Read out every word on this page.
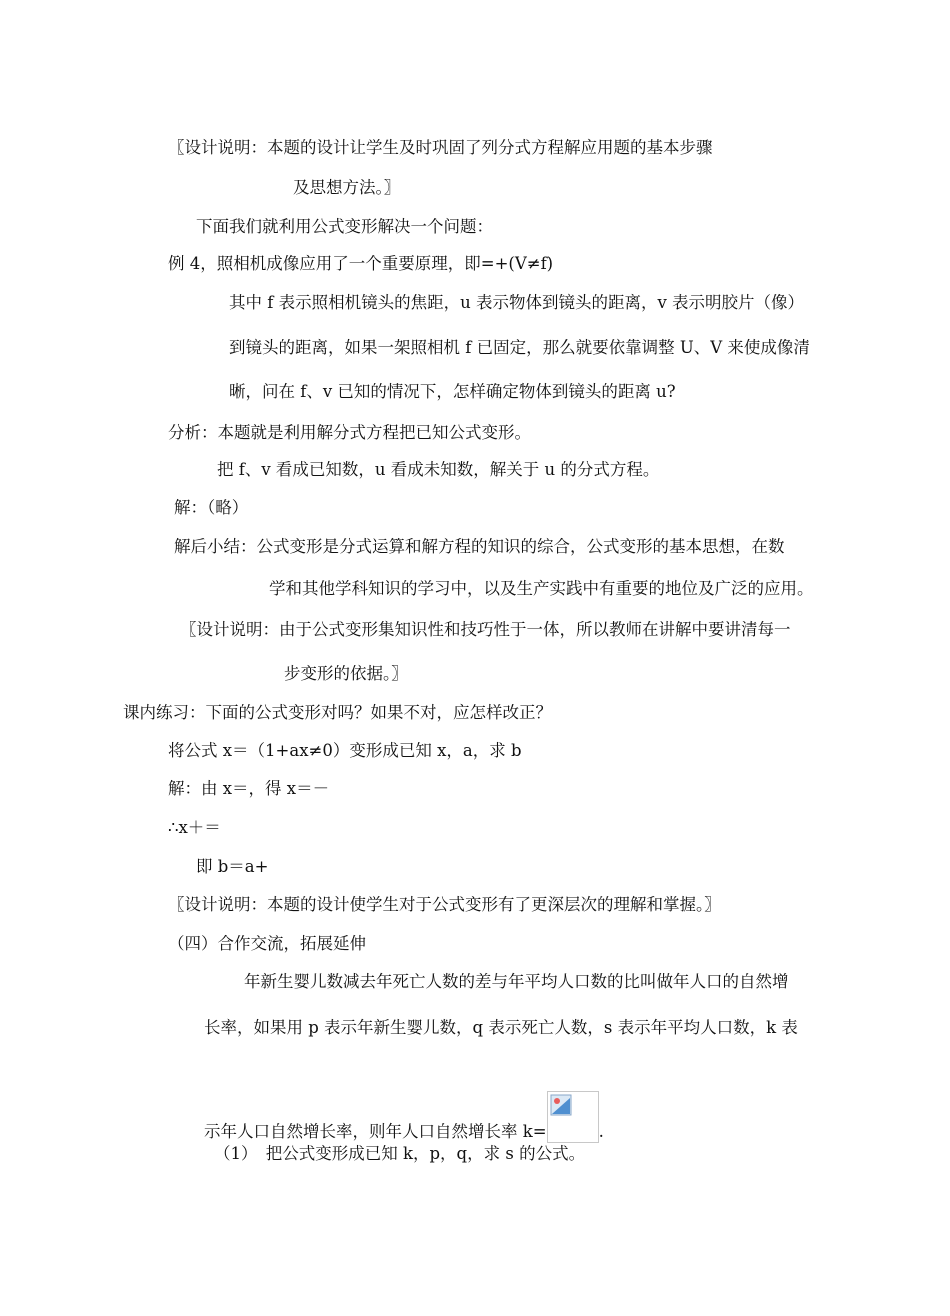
〖设计说明：本题的设计让学生及时巩固了列分式方程解应用题的基本步骤
及思想方法。〗
下面我们就利用公式变形解决一个问题：
例 4，照相机成像应用了一个重要原理，即=+(V≠f)
其中 f 表示照相机镜头的焦距，u 表示物体到镜头的距离，v 表示明胶片（像）
到镜头的距离，如果一架照相机 f 已固定，那么就要依靠调整 U、V 来使成像清
晰，问在 f、v 已知的情况下，怎样确定物体到镜头的距离 u?
分析：本题就是利用解分式方程把已知公式变形。
把 f、v 看成已知数，u 看成未知数，解关于 u 的分式方程。
解：（略）
解后小结：公式变形是分式运算和解方程的知识的综合，公式变形的基本思想，在数
学和其他学科知识的学习中，以及生产实践中有重要的地位及广泛的应用。
〖设计说明：由于公式变形集知识性和技巧性于一体，所以教师在讲解中要讲清每一
步变形的依据。〗
课内练习：下面的公式变形对吗？如果不对，应怎样改正？
将公式 x＝（1+ax≠0）变形成已知 x，a，求 b
解：由 x＝，得 x＝－
∴x＋＝
即 b＝a+
〖设计说明：本题的设计使学生对于公式变形有了更深层次的理解和掌握。〗
（四）合作交流，拓展延伸
年新生婴儿数减去年死亡人数的差与年平均人口数的比叫做年人口的自然增
长率，如果用 p 表示年新生婴儿数，q 表示死亡人数，s 表示年平均人口数，k 表
示年人口自然增长率，则年人口自然增长率 k=	.
（1）　把公式变形成已知 k，p，q，求 s 的公式。
